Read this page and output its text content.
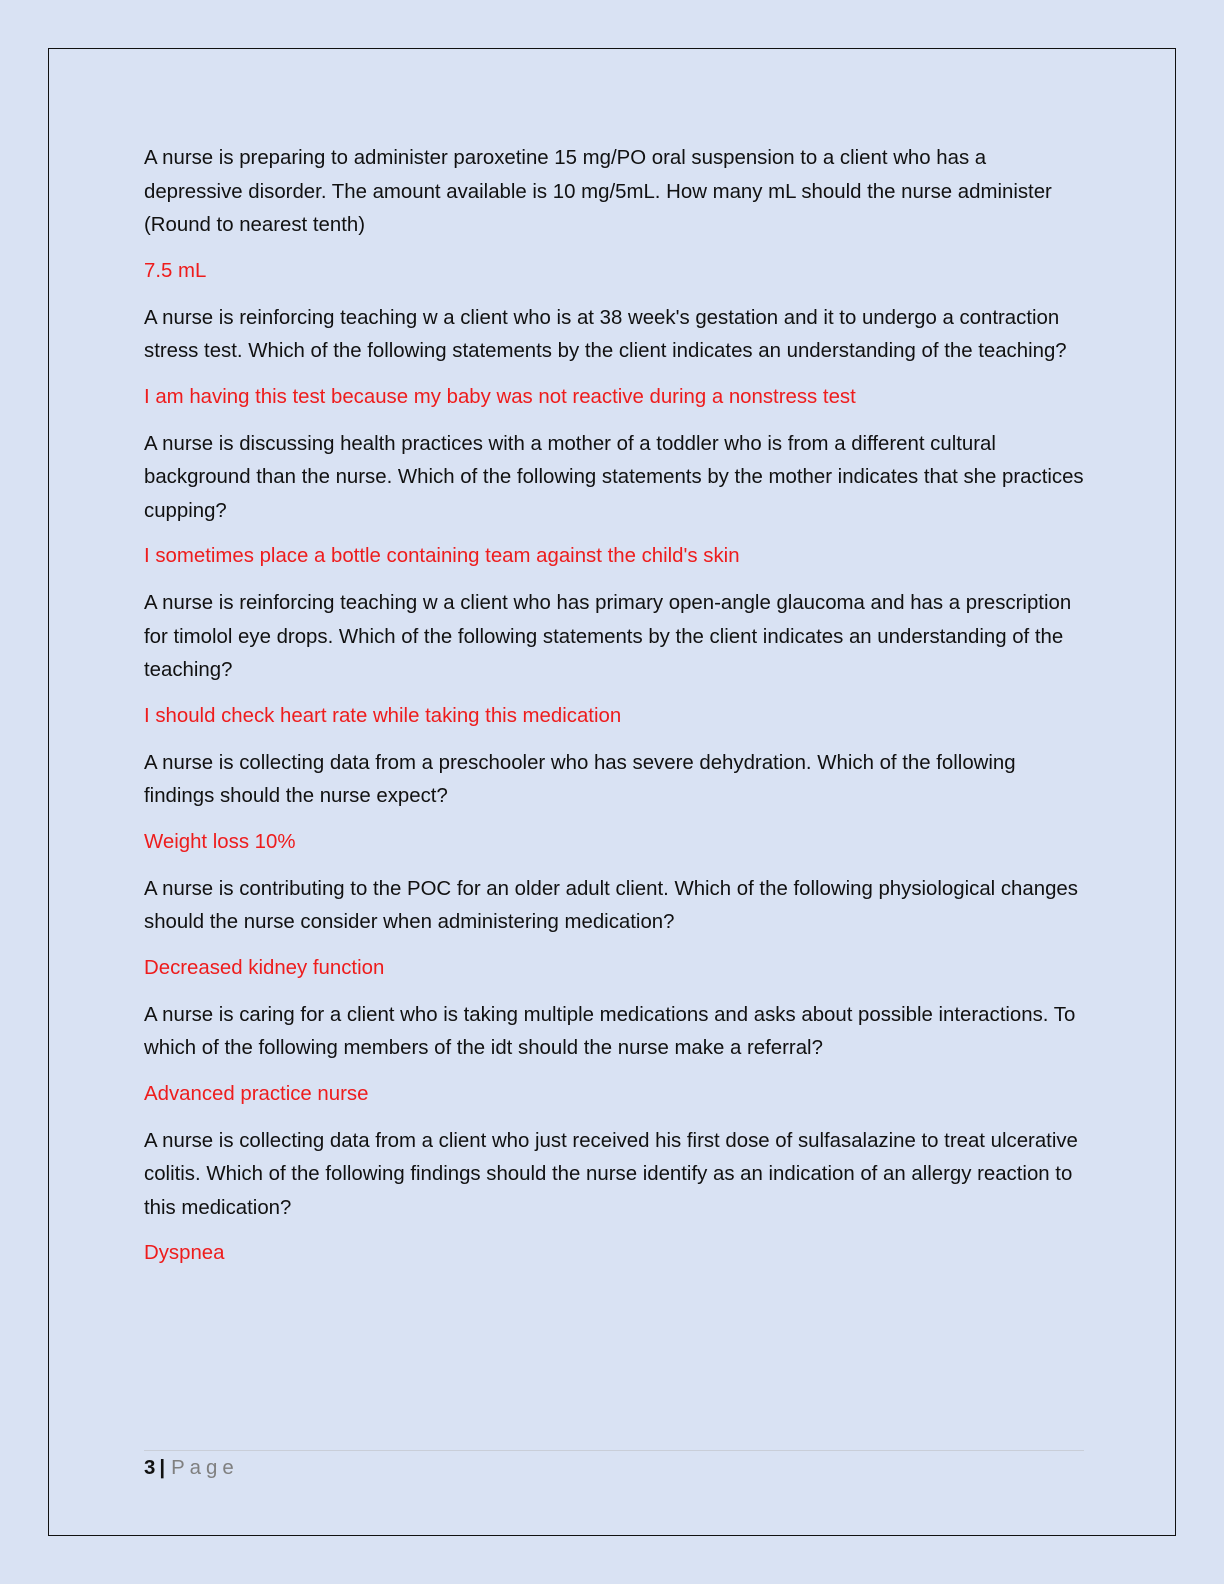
A nurse is preparing to administer paroxetine 15 mg/PO oral suspension to a client who has a depressive disorder. The amount available is 10 mg/5mL. How many mL should the nurse administer (Round to nearest tenth)

7.5 mL

A nurse is reinforcing teaching w a client who is at 38 week's gestation and it to undergo a contraction stress test. Which of the following statements by the client indicates an understanding of the teaching?

I am having this test because my baby was not reactive during a nonstress test

A nurse is discussing health practices with a mother of a toddler who is from a different cultural background than the nurse. Which of the following statements by the mother indicates that she practices cupping?

I sometimes place a bottle containing team against the child's skin

A nurse is reinforcing teaching w a client who has primary open-angle glaucoma and has a prescription for timolol eye drops. Which of the following statements by the client indicates an understanding of the teaching?

I should check heart rate while taking this medication

A nurse is collecting data from a preschooler who has severe dehydration. Which of the following findings should the nurse expect?

Weight loss 10%

A nurse is contributing to the POC for an older adult client. Which of the following physiological changes should the nurse consider when administering medication?

Decreased kidney function

A nurse is caring for a client who is taking multiple medications and asks about possible interactions. To which of the following members of the idt should the nurse make a referral?

Advanced practice nurse

A nurse is collecting data from a client who just received his first dose of sulfasalazine to treat ulcerative colitis. Which of the following findings should the nurse identify as an indication of an allergy reaction to this medication?

Dyspnea

3 | Page
